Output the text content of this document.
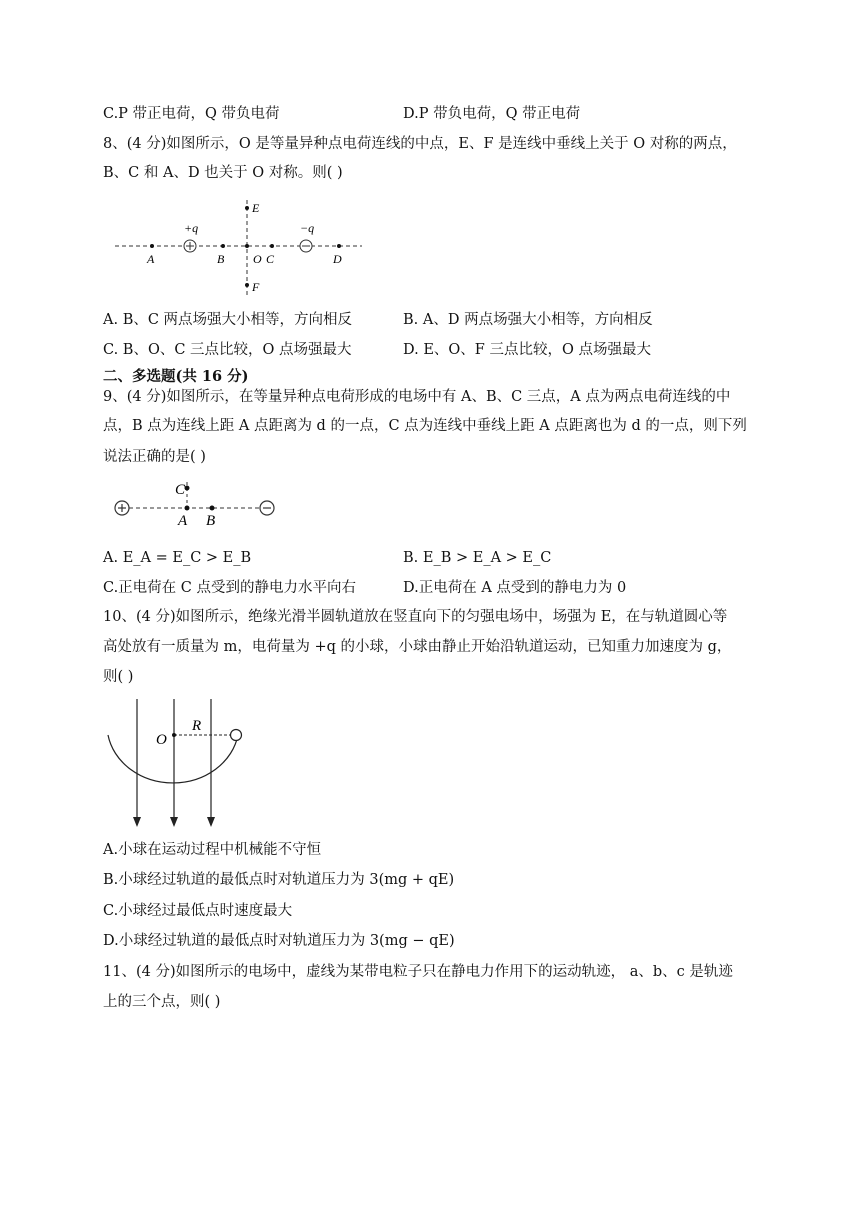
C.P 带正电荷，Q 带负电荷	D.P 带负电荷，Q 带正电荷
8、(4 分)如图所示，O 是等量异种点电荷连线的中点，E、F 是连线中垂线上关于 O 对称的两点，
B、C 和 A、D 也关于 O 对称。则( )
+q	−q
A	B O C	D
E
F
A. B、C 两点场强大小相等，方向相反	B. A、D 两点场强大小相等，方向相反
C. B、O、C 三点比较，O 点场强最大	D. E、O、F 三点比较，O 点场强最大
二、多选题(共 16 分)
9、(4 分)如图所示，在等量异种点电荷形成的电场中有 A、B、C 三点，A 点为两点电荷连线的中
点，B 点为连线上距 A 点距离为 d 的一点，C 点为连线中垂线上距 A 点距离也为 d 的一点，则下列
说法正确的是( )
C
A B
A. E_A = E_C > E_B	B. E_B > E_A > E_C
C.正电荷在 C 点受到的静电力水平向右	D.正电荷在 A 点受到的静电力为 0
10、(4 分)如图所示，绝缘光滑半圆轨道放在竖直向下的匀强电场中，场强为 E，在与轨道圆心等
高处放有一质量为 m，电荷量为 +q 的小球，小球由静止开始沿轨道运动，已知重力加速度为 g，
则( )
O
R
A.小球在运动过程中机械能不守恒
B.小球经过轨道的最低点时对轨道压力为 3(mg + qE)
C.小球经过最低点时速度最大
D.小球经过轨道的最低点时对轨道压力为 3(mg − qE)
11、(4 分)如图所示的电场中，虚线为某带电粒子只在静电力作用下的运动轨迹， a、b、c 是轨迹
上的三个点，则( )
